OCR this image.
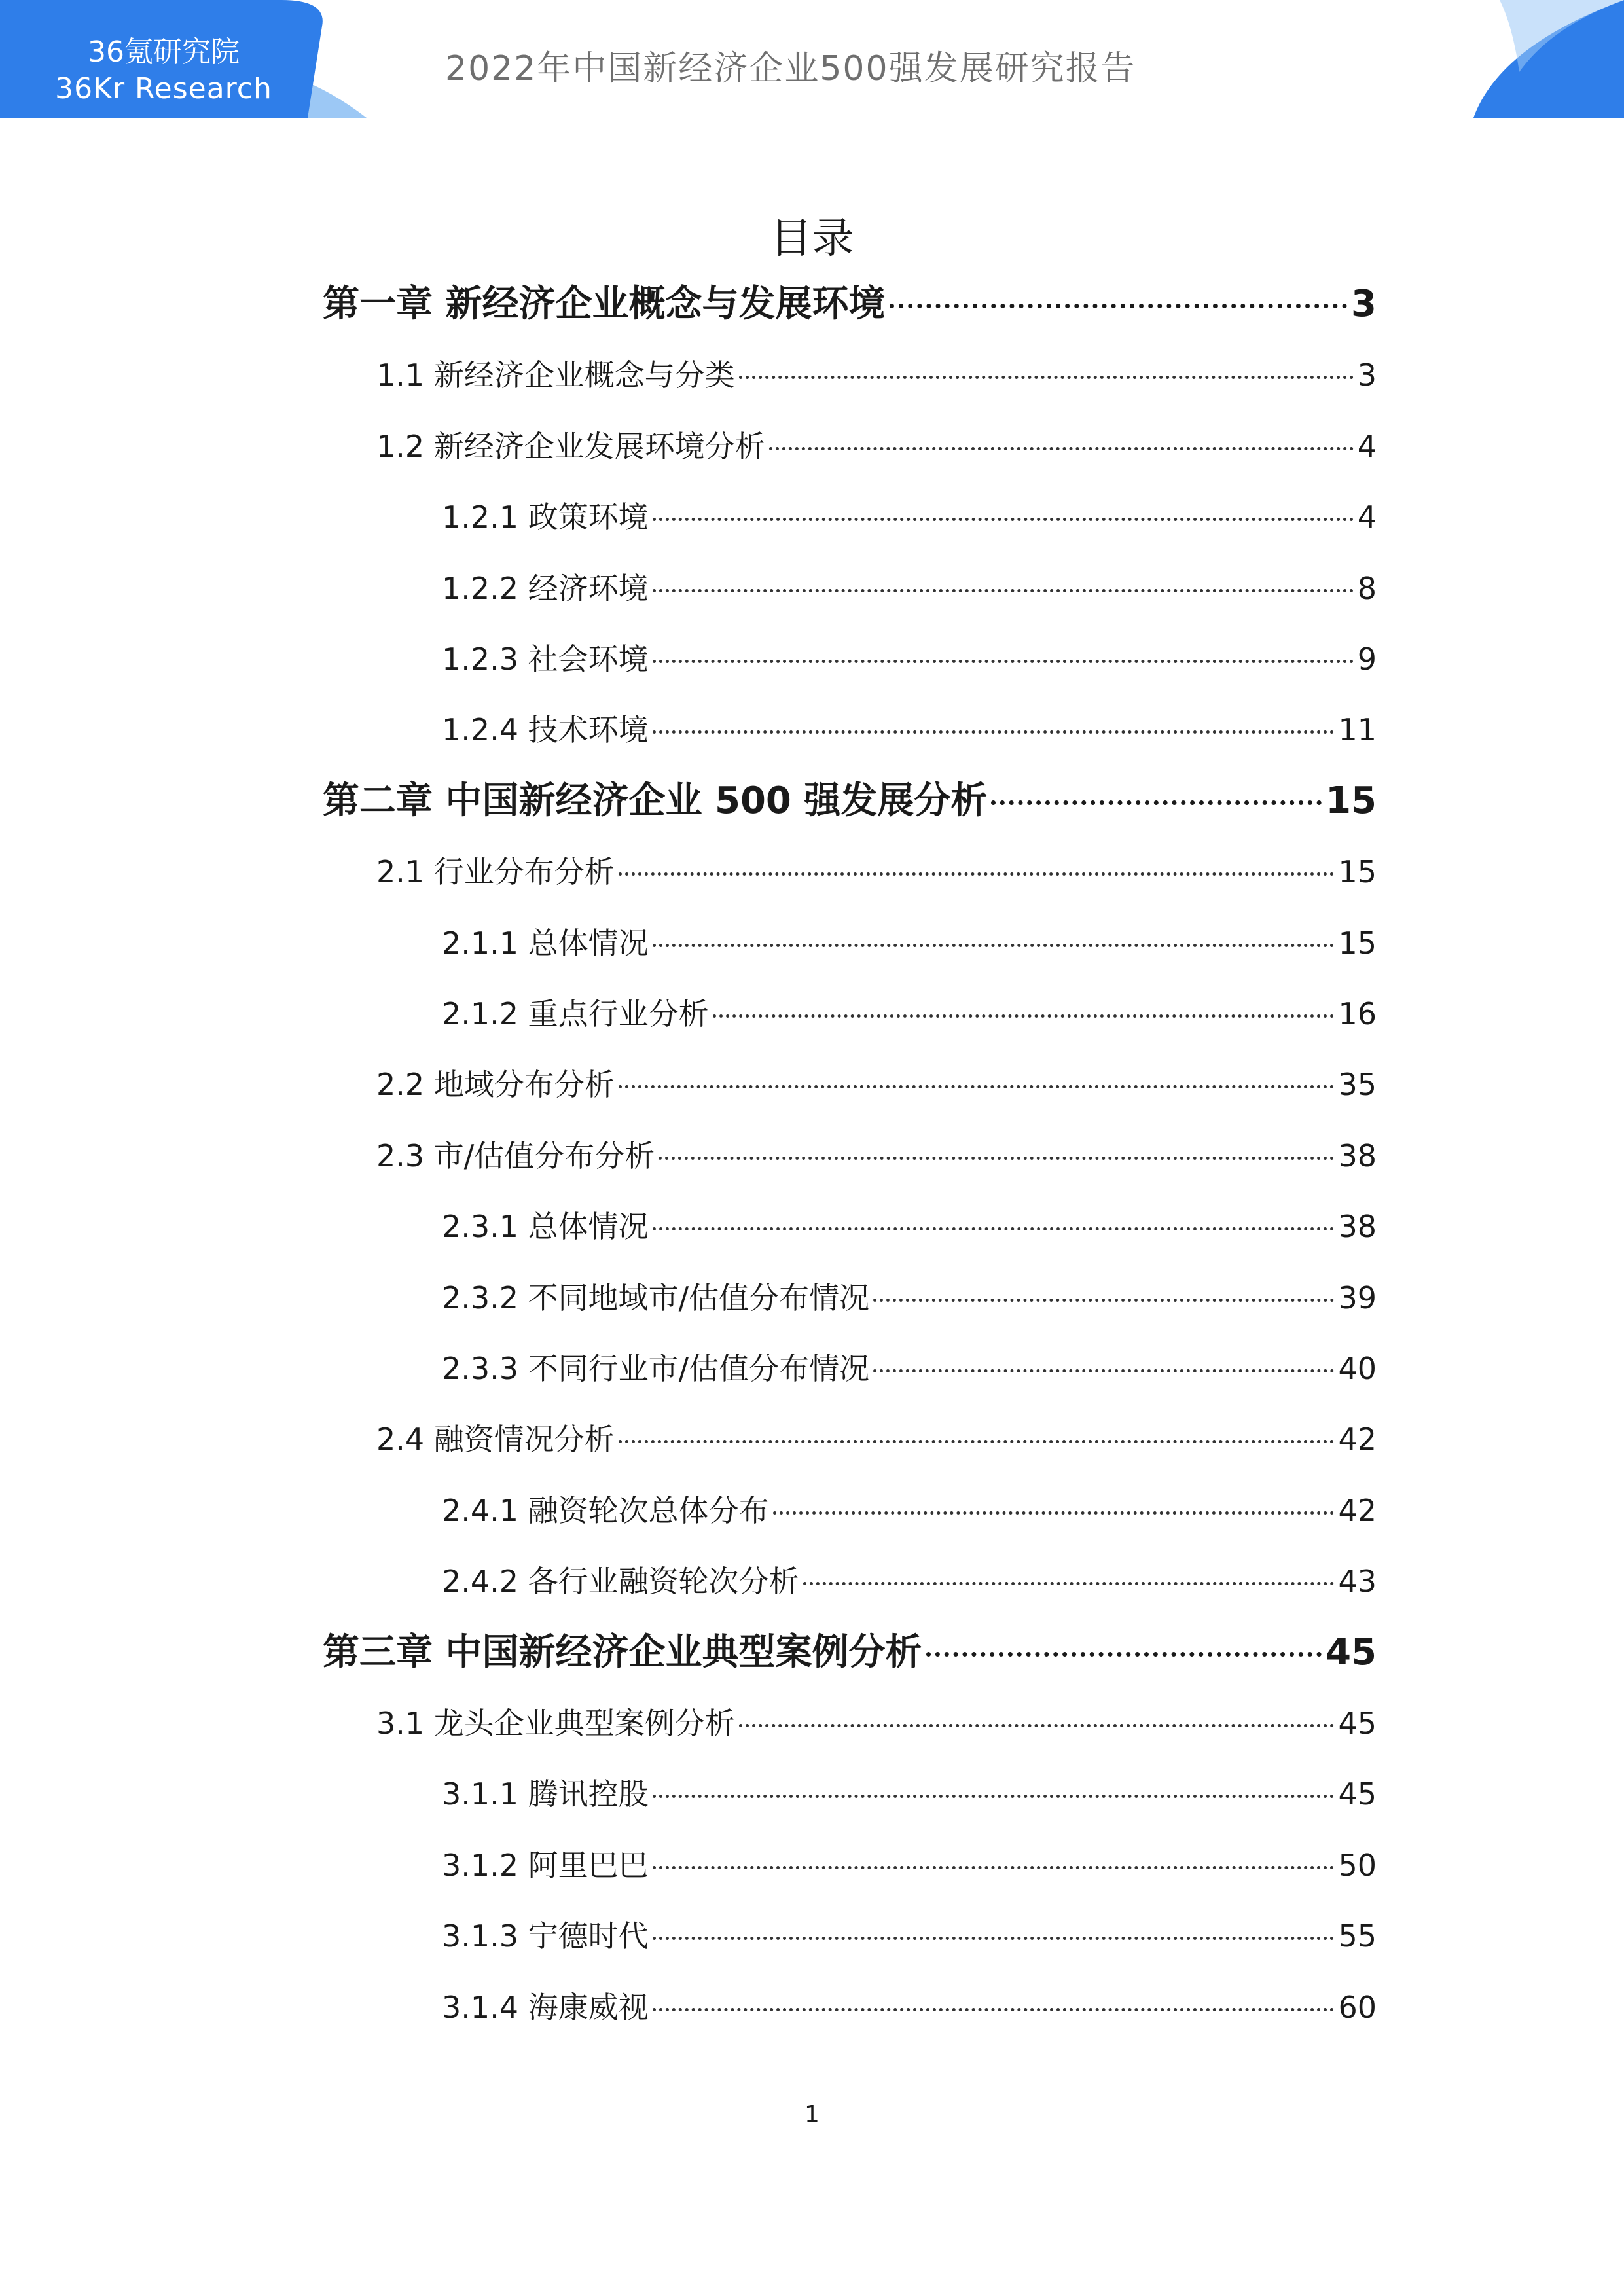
36氪研究院
36Kr Research
2022年中国新经济企业500强发展研究报告
目录
第一章 新经济企业概念与发展环境	3
1.1 新经济企业概念与分类	3
1.2 新经济企业发展环境分析	4
1.2.1 政策环境	4
1.2.2 经济环境	8
1.2.3 社会环境	9
1.2.4 技术环境	11
第二章 中国新经济企业 500 强发展分析	15
2.1 行业分布分析	15
2.1.1 总体情况	15
2.1.2 重点行业分析	16
2.2 地域分布分析	35
2.3 市/估值分布分析	38
2.3.1 总体情况	38
2.3.2 不同地域市/估值分布情况	39
2.3.3 不同行业市/估值分布情况	40
2.4 融资情况分析	42
2.4.1 融资轮次总体分布	42
2.4.2 各行业融资轮次分析	43
第三章 中国新经济企业典型案例分析	45
3.1 龙头企业典型案例分析	45
3.1.1 腾讯控股	45
3.1.2 阿里巴巴	50
3.1.3 宁德时代	55
3.1.4 海康威视	60
1
